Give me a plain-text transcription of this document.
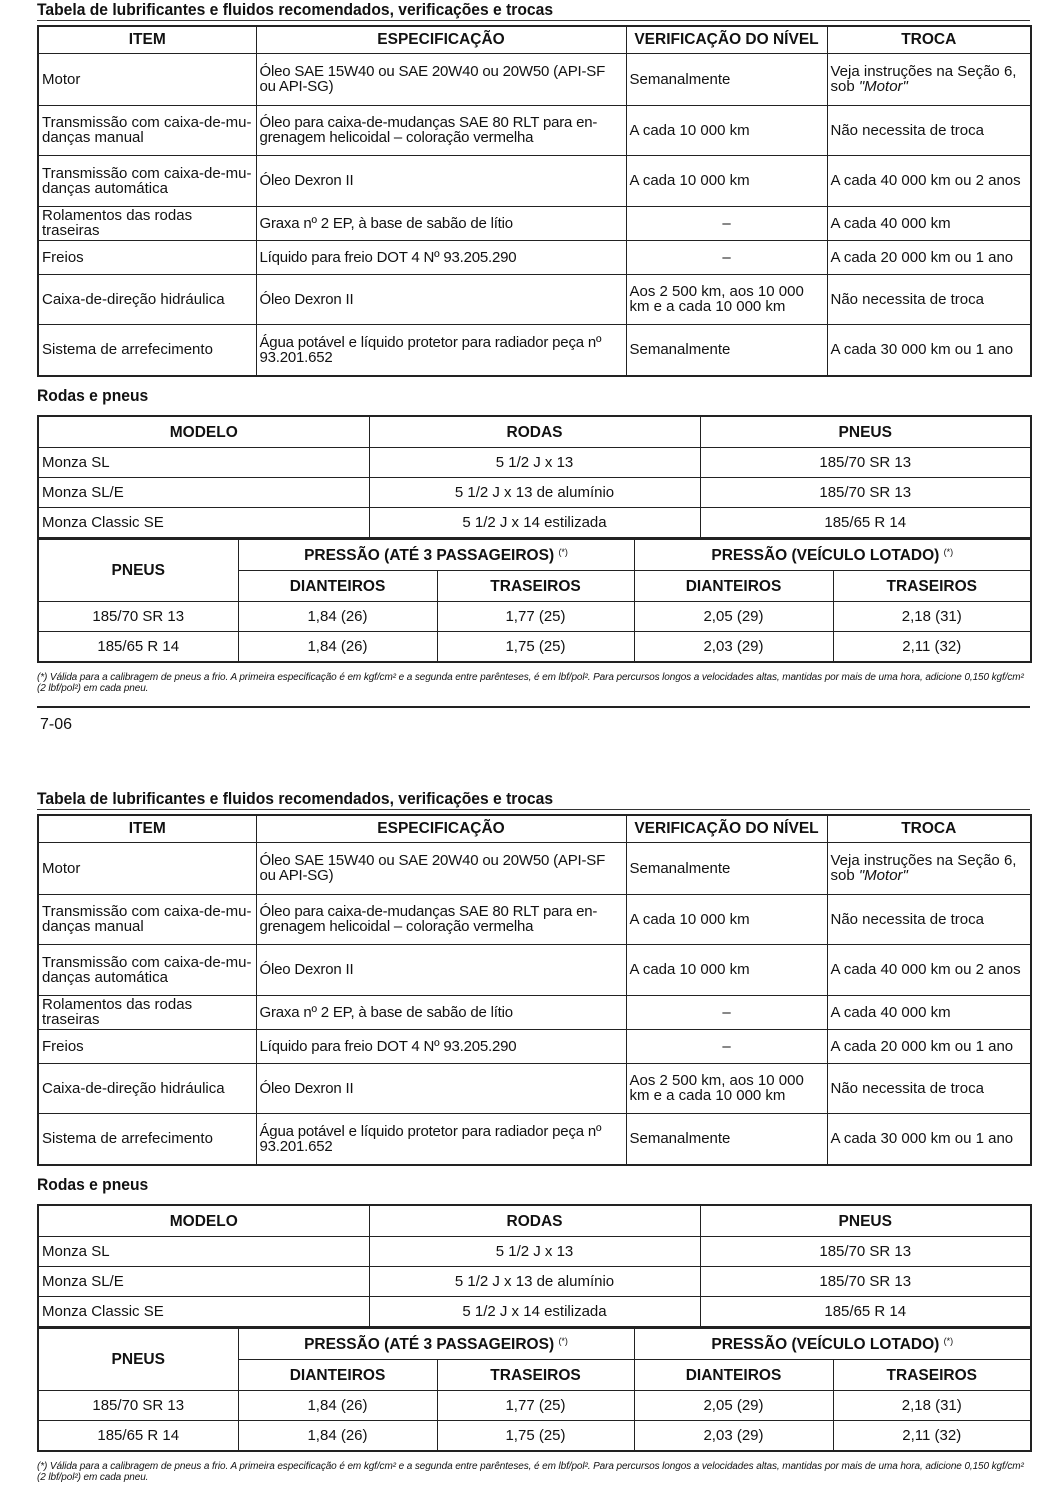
Tabela de lubrificantes e fluidos recomendados, verificações e trocas
ITEM	ESPECIFICAÇÃO	VERIFICAÇÃO DO NÍVEL	TROCA
Motor	Óleo SAE 15W40 ou SAE 20W40 ou 20W50 (API-SF ou API-SG)	Semanalmente	Veja instruções na Seção 6, sob "Motor"
Transmissão com caixa-de-mu- danças manual	Óleo para caixa-de-mudanças SAE 80 RLT para en- grenagem helicoidal – coloração vermelha	A cada 10 000 km	Não necessita de troca
Transmissão com caixa-de-mu- danças automática	Óleo Dexron II	A cada 10 000 km	A cada 40 000 km ou 2 anos
Rolamentos das rodas traseiras	Graxa nº 2 EP, à base de sabão de lítio	–	A cada 40 000 km
Freios	Líquido para freio DOT 4 Nº 93.205.290	–	A cada 20 000 km ou 1 ano
Caixa-de-direção hidráulica	Óleo Dexron II	Aos 2 500 km, aos 10 000 km e a cada 10 000 km	Não necessita de troca
Sistema de arrefecimento	Água potável e líquido protetor para radiador peça nº 93.201.652	Semanalmente	A cada 30 000 km ou 1 ano
Rodas e pneus
MODELO	RODAS	PNEUS
Monza SL	5 1/2 J x 13	185/70 SR 13
Monza SL/E	5 1/2 J x 13 de alumínio	185/70 SR 13
Monza Classic SE	5 1/2 J x 14 estilizada	185/65 R 14
PNEUS	PRESSÃO (ATÉ 3 PASSAGEIROS) (*)		PRESSÃO (VEÍCULO LOTADO) (*)
	DIANTEIROS	TRASEIROS	DIANTEIROS	TRASEIROS
185/70 SR 13	1,84 (26)	1,77 (25)	2,05 (29)	2,18 (31)
185/65 R 14	1,84 (26)	1,75 (25)	2,03 (29)	2,11 (32)
(*) Válida para a calibragem de pneus a frio. A primeira especificação é em kgf/cm² e a segunda entre parênteses, é em lbf/pol². Para percursos longos a velocidades altas, mantidas por mais de uma hora, adicione 0,150 kgf/cm² (2 lbf/pol²) em cada pneu.
7-06
Tabela de lubrificantes e fluidos recomendados, verificações e trocas
ITEM	ESPECIFICAÇÃO	VERIFICAÇÃO DO NÍVEL	TROCA
Motor	Óleo SAE 15W40 ou SAE 20W40 ou 20W50 (API-SF ou API-SG)	Semanalmente	Veja instruções na Seção 6, sob "Motor"
Transmissão com caixa-de-mu- danças manual	Óleo para caixa-de-mudanças SAE 80 RLT para en- grenagem helicoidal – coloração vermelha	A cada 10 000 km	Não necessita de troca
Transmissão com caixa-de-mu- danças automática	Óleo Dexron II	A cada 10 000 km	A cada 40 000 km ou 2 anos
Rolamentos das rodas traseiras	Graxa nº 2 EP, à base de sabão de lítio	–	A cada 40 000 km
Freios	Líquido para freio DOT 4 Nº 93.205.290	–	A cada 20 000 km ou 1 ano
Caixa-de-direção hidráulica	Óleo Dexron II	Aos 2 500 km, aos 10 000 km e a cada 10 000 km	Não necessita de troca
Sistema de arrefecimento	Água potável e líquido protetor para radiador peça nº 93.201.652	Semanalmente	A cada 30 000 km ou 1 ano
Rodas e pneus
MODELO	RODAS	PNEUS
Monza SL	5 1/2 J x 13	185/70 SR 13
Monza SL/E	5 1/2 J x 13 de alumínio	185/70 SR 13
Monza Classic SE	5 1/2 J x 14 estilizada	185/65 R 14
PNEUS	PRESSÃO (ATÉ 3 PASSAGEIROS) (*)		PRESSÃO (VEÍCULO LOTADO) (*)
	DIANTEIROS	TRASEIROS	DIANTEIROS	TRASEIROS
185/70 SR 13	1,84 (26)	1,77 (25)	2,05 (29)	2,18 (31)
185/65 R 14	1,84 (26)	1,75 (25)	2,03 (29)	2,11 (32)
(*) Válida para a calibragem de pneus a frio. A primeira especificação é em kgf/cm² e a segunda entre parênteses, é em lbf/pol². Para percursos longos a velocidades altas, mantidas por mais de uma hora, adicione 0,150 kgf/cm² (2 lbf/pol²) em cada pneu.
